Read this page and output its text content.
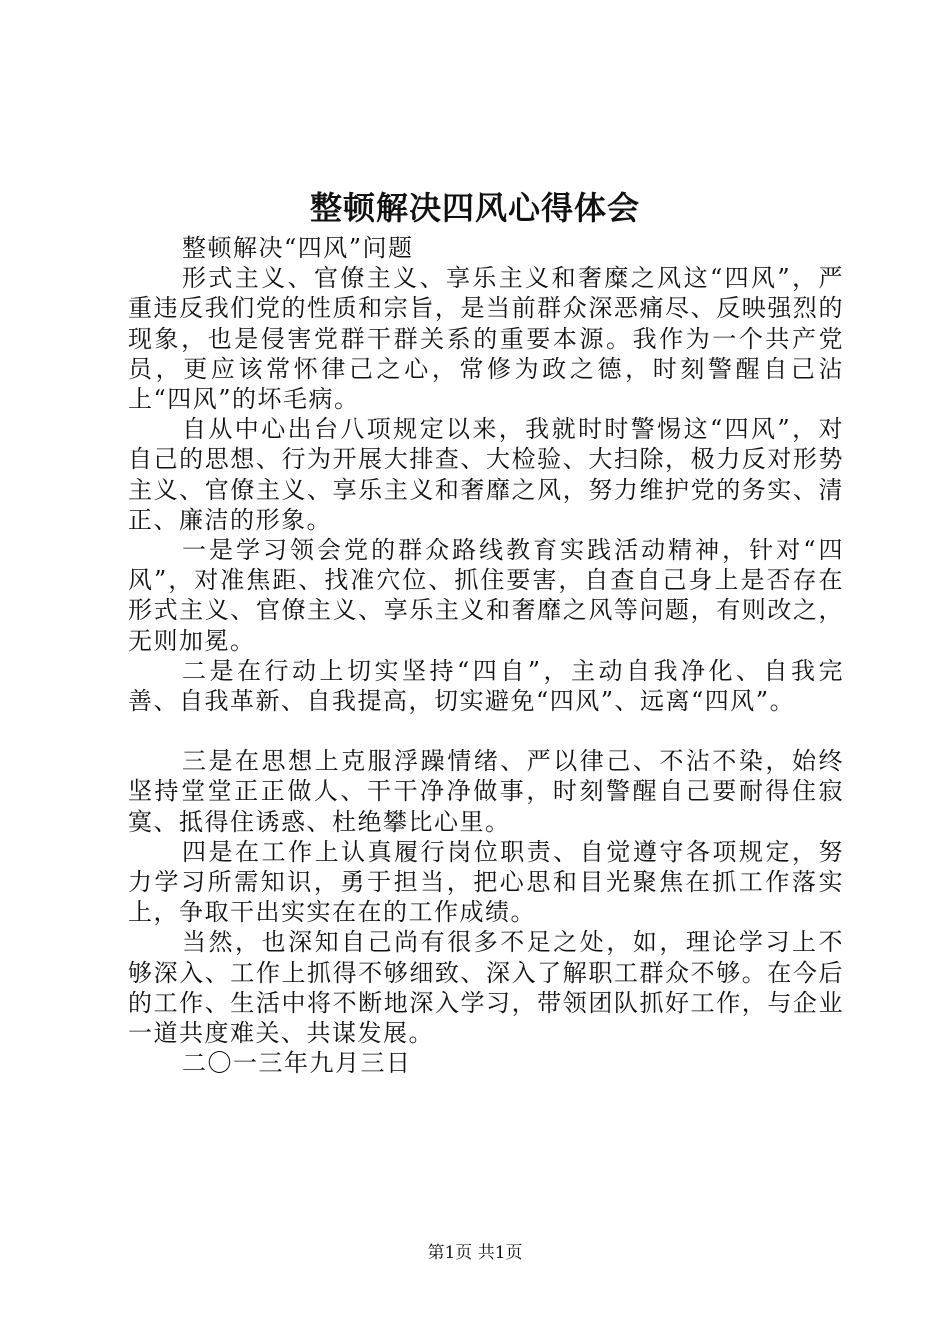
整顿解决四风心得体会

整顿解决“四风”问题

形式主义、官僚主义、享乐主义和奢糜之风这“四风”，严重违反我们党的性质和宗旨，是当前群众深恶痛尽、反映强烈的现象，也是侵害党群干群关系的重要本源。我作为一个共产党员，更应该常怀律己之心，常修为政之德，时刻警醒自己沾上“四风”的坏毛病。

自从中心出台八项规定以来，我就时时警惕这“四风”，对自己的思想、行为开展大排查、大检验、大扫除，极力反对形势主义、官僚主义、享乐主义和奢靡之风，努力维护党的务实、清正、廉洁的形象。

一是学习领会党的群众路线教育实践活动精神，针对“四风”，对准焦距、找准穴位、抓住要害，自查自己身上是否存在形式主义、官僚主义、享乐主义和奢靡之风等问题，有则改之，无则加冕。

二是在行动上切实坚持“四自”，主动自我净化、自我完善、自我革新、自我提高，切实避免“四风”、远离“四风”。

三是在思想上克服浮躁情绪、严以律己、不沾不染，始终坚持堂堂正正做人、干干净净做事，时刻警醒自己要耐得住寂寞、抵得住诱惑、杜绝攀比心里。

四是在工作上认真履行岗位职责、自觉遵守各项规定，努力学习所需知识，勇于担当，把心思和目光聚焦在抓工作落实上，争取干出实实在在的工作成绩。

当然，也深知自己尚有很多不足之处，如，理论学习上不够深入、工作上抓得不够细致、深入了解职工群众不够。在今后的工作、生活中将不断地深入学习，带领团队抓好工作，与企业一道共度难关、共谋发展。

二〇一三年九月三日

第1页 共1页
